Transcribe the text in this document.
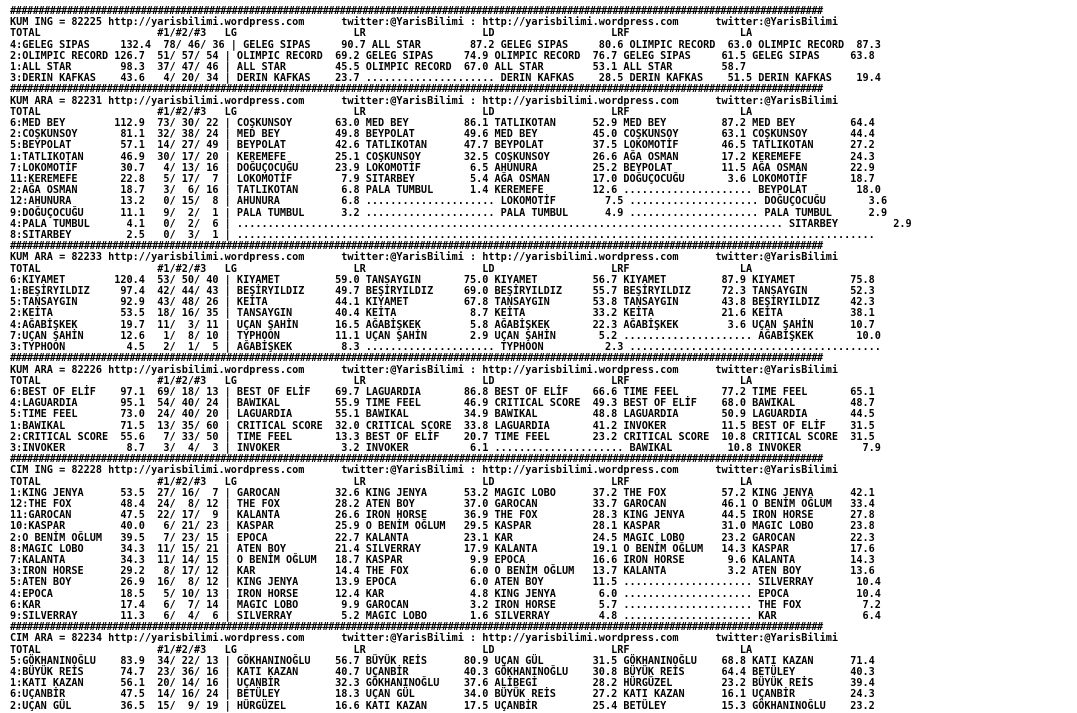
###############################################################################################################################################
KUM ING = 82225 http://yarisbilimi.wordpress.com      twitter:@YarisBilimi : http://yarisbilimi.wordpress.com      twitter:@YarisBilimi
TOTAL                   #1/#2/#3   LG                   LR                   LD                   LRF                  LA
4:GELEG SIPAS     132.4  78/ 46/ 36 | GELEG SIPAS     90.7 ALL STAR        87.2 GELEG SIPAS     80.6 OLIMPIC RECORD  63.0 OLIMPIC RECORD  87.3
2:OLIMPIC RECORD 126.7  51/ 57/ 54 | OLIMPIC RECORD  69.2 GELEG SIPAS     74.9 OLIMPIC RECORD  76.7 GELEG SIPAS     61.5 GELEG SIPAS     63.8
1:ALL STAR        98.3  37/ 47/ 46 | ALL STAR        45.5 OLIMPIC RECORD  67.0 ALL STAR        53.1 ALL STAR        58.7
3:DERIN KAFKAS    43.6   4/ 20/ 34 | DERIN KAFKAS    23.7 ..................... DERIN KAFKAS    28.5 DERIN KAFKAS    51.5 DERIN KAFKAS    19.4
###############################################################################################################################################
KUM ARA = 82231 http://yarisbilimi.wordpress.com      twitter:@YarisBilimi : http://yarisbilimi.wordpress.com      twitter:@YarisBilimi
TOTAL                   #1/#2/#3   LG                   LR                   LD                   LRF                  LA
6:MED BEY        112.9  73/ 30/ 22 | COŞKUNSOY       63.0 MED BEY         86.1 TATLIKOTAN      52.9 MED BEY         87.2 MED BEY         64.4
2:COŞKUNSOY       81.1  32/ 38/ 24 | MED BEY         49.8 BEYPOLAT        49.6 MED BEY         45.0 COŞKUNSOY       63.1 COŞKUNSOY       44.4
5:BEYPOLAT        57.1  14/ 27/ 49 | BEYPOLAT        42.6 TATLIKOTAN      47.7 BEYPOLAT        37.5 LOKOMOTİF       46.5 TATLIKOTAN      27.2
1:TATLIKOTAN      46.9  30/ 17/ 20 | KEREMEFE        25.1 COŞKUNSOY       32.5 COŞKUNSOY       26.6 AĞA OSMAN       17.2 KEREMEFE        24.3
7:LOKOMOTİF       30.7   4/ 13/ 16 | DOĞUÇOCUĞU      23.9 LOKOMOTİF        6.5 AHUNURA         25.2 BEYPOLAT        11.5 AĞA OSMAN       22.9
11:KEREMEFE       22.8   5/ 17/  7 | LOKOMOTİF        7.9 SITARBEY         5.4 AĞA OSMAN       17.0 DOĞUÇOCUĞU       3.6 LOKOMOTİF       18.7
2:AĞA OSMAN       18.7   3/  6/ 16 | TATLIKOTAN       6.8 PALA TUMBUL      1.4 KEREMEFE        12.6 ..................... BEYPOLAT        18.0
12:AHUNURA        13.2   0/ 15/  8 | AHUNURA          6.8 ..................... LOKOMOTİF        7.5 ..................... DOĞUÇOCUĞU       3.6
9:DOĞUÇOCUĞU      11.1   9/  2/  1 | PALA TUMBUL      3.2 ..................... PALA TUMBUL      4.9 ..................... PALA TUMBUL      2.9
4:PALA TUMBUL      4.1   0/  2/  6 | ......................................................................................... SITARBEY         2.9
8:SITARBEY         2.5   0/  3/  1 | ........................................................................................................
###############################################################################################################################################
KUM ARA = 82233 http://yarisbilimi.wordpress.com      twitter:@YarisBilimi : http://yarisbilimi.wordpress.com      twitter:@YarisBilimi
TOTAL                   #1/#2/#3   LG                   LR                   LD                   LRF                  LA
6:KIYAMET        120.4  53/ 50/ 40 | KIYAMET         59.0 TANSAYGIN       75.0 KIYAMET         56.7 KIYAMET         87.9 KIYAMET         75.8
1:BEŞİRYILDIZ     97.4  42/ 44/ 43 | BEŞİRYILDIZ     49.7 BEŞİRYILDIZ     69.0 BEŞİRYILDIZ     55.7 BEŞİRYILDIZ     72.3 TANSAYGIN       52.3
5:TANSAYGIN       92.9  43/ 48/ 26 | KEİTA           44.1 KIYAMET         67.8 TANSAYGIN       53.8 TANSAYGIN       43.8 BEŞİRYILDIZ     42.3
2:KEİTA           53.5  18/ 16/ 35 | TANSAYGIN       40.4 KEİTA            8.7 KEİTA           33.2 KEİTA           21.6 KEİTA           38.1
4:AĞABİŞKEK       19.7  11/  3/ 11 | UÇAN ŞAHİN      16.5 AĞABİŞKEK        5.8 AĞABİŞKEK       22.3 AĞABİŞKEK        3.6 UÇAN ŞAHİN      10.7
7:UÇAN ŞAHİN      12.6   1/  8/ 10 | TYPHOON         11.1 UÇAN ŞAHİN       2.9 UÇAN ŞAHİN       5.2 ..................... AĞABİŞKEK       10.0
3:TYPHOON          4.5   2/  1/  5 | AĞABİŞKEK        8.3 ..................... TYPHOON          2.3 .........................................
###############################################################################################################################################
KUM ARA = 82226 http://yarisbilimi.wordpress.com      twitter:@YarisBilimi : http://yarisbilimi.wordpress.com      twitter:@YarisBilimi
TOTAL                   #1/#2/#3   LG                   LR                   LD                   LRF                  LA
6:BEST OF ELİF    97.1  69/ 18/ 13 | BEST OF ELİF    69.7 LAGUARDIA       86.8 BEST OF ELİF    66.6 TIME FEEL       77.2 TIME FEEL       65.1
4:LAGUARDIA       95.1  54/ 40/ 24 | BAWIKAL         55.9 TIME FEEL       46.9 CRITICAL SCORE  49.3 BEST OF ELİF    68.0 BAWIKAL         48.7
5:TIME FEEL       73.0  24/ 40/ 20 | LAGUARDIA       55.1 BAWIKAL         34.9 BAWIKAL         48.8 LAGUARDIA       50.9 LAGUARDIA       44.5
1:BAWIKAL         71.5  13/ 35/ 60 | CRITICAL SCORE  32.0 CRITICAL SCORE  33.8 LAGUARDIA       41.2 INVOKER         11.5 BEST OF ELİF    31.5
2:CRITICAL SCORE  55.6   7/ 33/ 50 | TIME FEEL       13.3 BEST OF ELİF    20.7 TIME FEEL       23.2 CRITICAL SCORE  10.8 CRITICAL SCORE  31.5
3:INVOKER          8.7   3/  4/  3 | INVOKER          3.2 INVOKER          6.1 ..................... BAWIKAL         10.8 INVOKER          7.9
###############################################################################################################################################
CIM ING = 82228 http://yarisbilimi.wordpress.com      twitter:@YarisBilimi : http://yarisbilimi.wordpress.com      twitter:@YarisBilimi
TOTAL                   #1/#2/#3   LG                   LR                   LD                   LRF                  LA
1:KING JENYA      53.5  27/ 16/  7 | GAROCAN         32.6 KING JENYA      53.2 MAGIC LOBO      37.2 THE FOX         57.2 KING JENYA      42.1
12:THE FOX        48.4  24/  8/ 12 | THE FOX         28.2 ATEN BOY        37.0 GAROCAN         33.7 GAROCAN         46.1 O BENİM OĞLUM   33.4
11:GAROCAN        47.5  22/ 17/  9 | KALANTA         26.6 IRON HORSE      36.9 THE FOX         28.3 KING JENYA      44.5 IRON HORSE      27.8
10:KASPAR         40.0   6/ 21/ 23 | KASPAR          25.9 O BENİM OĞLUM   29.5 KASPAR          28.1 KASPAR          31.0 MAGIC LOBO      23.8
2:O BENİM OĞLUM   39.5   7/ 23/ 15 | EPOCA           22.7 KALANTA         23.1 KAR             24.5 MAGIC LOBO      23.2 GAROCAN         22.3
8:MAGIC LOBO      34.3  11/ 15/ 21 | ATEN BOY        21.4 SILVERRAY       17.9 KALANTA         19.1 O BENİM OĞLUM   14.3 KASPAR          17.6
7:KALANTA         34.3  11/ 14/ 15 | O BENİM OĞLUM   18.7 KASPAR           9.9 EPOCA           16.6 IRON HORSE       9.6 KALANTA         14.3
3:IRON HORSE      29.2   8/ 17/ 12 | KAR             14.4 THE FOX          6.0 O BENİM OĞLUM   13.7 KALANTA          3.2 ATEN BOY        13.6
5:ATEN BOY        26.9  16/  8/ 12 | KING JENYA      13.9 EPOCA            6.0 ATEN BOY        11.5 ..................... SILVERRAY       10.4
4:EPOCA           18.5   5/ 10/ 13 | IRON HORSE      12.4 KAR              4.8 KING JENYA       6.0 ..................... EPOCA           10.4
6:KAR             17.4   6/  7/ 14 | MAGIC LOBO       9.9 GAROCAN          3.2 IRON HORSE       5.7 ..................... THE FOX          7.2
9:SILVERRAY       11.3   6/  4/  6 | SILVERRAY        5.2 MAGIC LOBO       1.6 SILVERRAY        4.8 ..................... KAR              6.4
###############################################################################################################################################
CIM ARA = 82234 http://yarisbilimi.wordpress.com      twitter:@YarisBilimi : http://yarisbilimi.wordpress.com      twitter:@YarisBilimi
TOTAL                   #1/#2/#3   LG                   LR                   LD                   LRF                  LA
5:GÖKHANINOĞLU    83.9  34/ 22/ 13 | GÖKHANINOĞLU    56.7 BÜYÜK REİS      80.9 UÇAN GÜL        31.5 GÖKHANINOĞLU    68.8 KATI KAZAN      71.4
4:BÜYÜK REİS      74.7  23/ 36/ 16 | KATI KAZAN      40.7 UÇANBİR         40.3 GÖKHANINOĞLU    30.8 BÜYÜK REİS      64.4 BETÜLEY         40.3
1:KATI KAZAN      56.1  20/ 14/ 16 | UÇANBİR         32.3 GÖKHANINOĞLU    37.6 ALİBEGİ         28.2 HÜRGÜZEL        23.2 BÜYÜK REİS      39.4
6:UÇANBİR         47.5  14/ 16/ 24 | BETÜLEY         18.3 UÇAN GÜL        34.0 BÜYÜK REİS      27.2 KATI KAZAN      16.1 UÇANBİR         24.3
2:UÇAN GÜL        36.5  15/  9/ 19 | HÜRGÜZEL        16.6 KATI KAZAN      17.5 UÇANBİR         25.4 BETÜLEY         15.3 GÖKHANINOĞLU    23.2
